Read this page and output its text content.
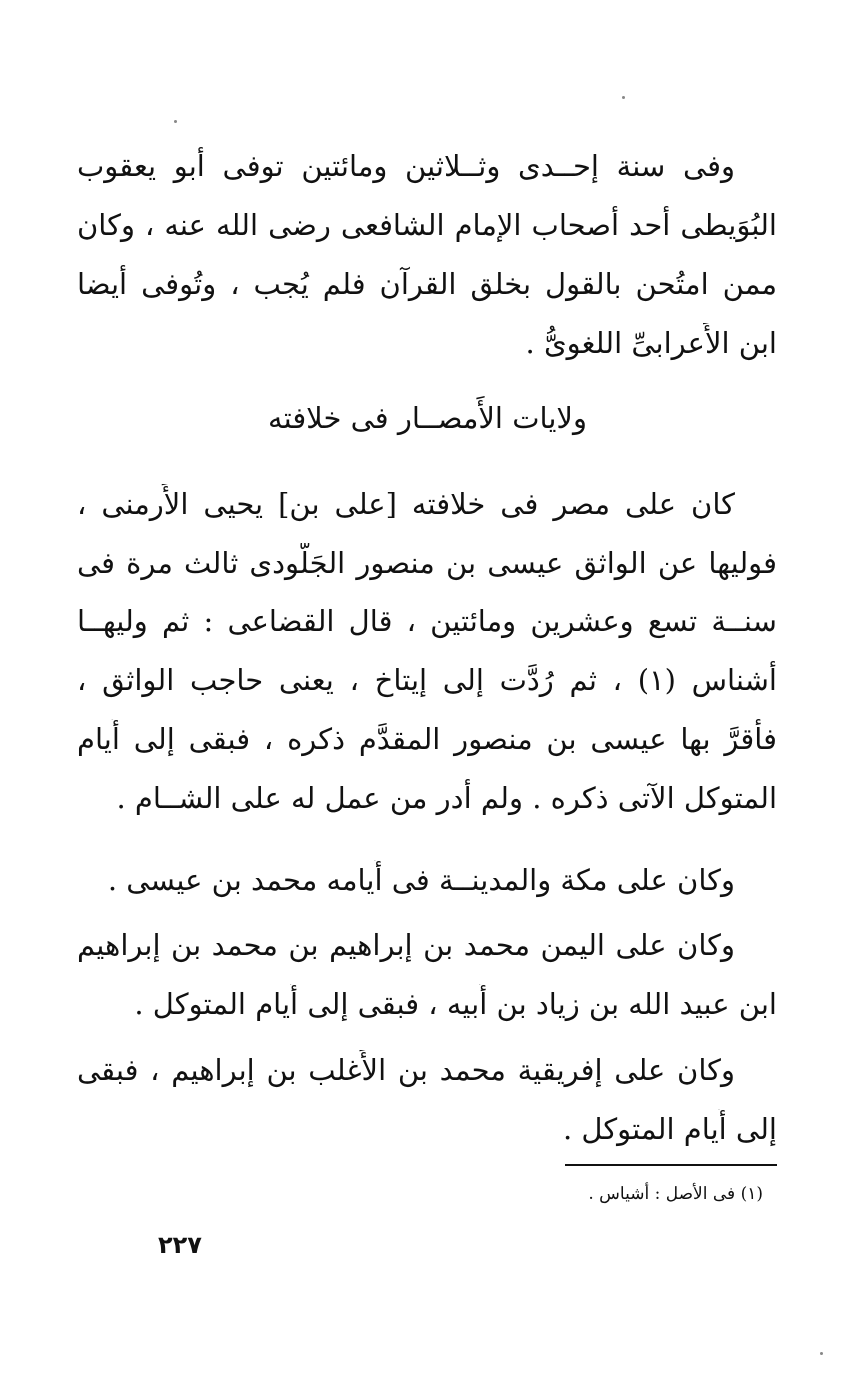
وفى سنة إحــدى وثــلاثين ومائتين توفى أبو يعقوب
البُوَيطى أحد أصحاب الإمام الشافعى رضى الله عنه ، وكان
ممن امتُحن بالقول بخلق القرآن فلم يُجب ، وتُوفى أيضا
ابن الأَعرابىِّ اللغوىُّ .
ولايات الأَمصــار فى خلافته
كان على مصر فى خلافته [على بن] يحيى الأَرمنى ،
فوليها عن الواثق عيسى بن منصور الجَلُّودى ثالث مرة فى
سنــة تسع وعشرين ومائتين ، قال القضاعى : ثم وليهــا
أشناس (١) ، ثم رُدَّت إلى إيتاخ ، يعنى حاجب الواثق ،
فأَقرَّ بها عيسى بن منصور المقدَّم ذكره ، فبقى إلى أَيام
المتوكل الآتى ذكره . ولم أدر من عمل له على الشــام .
وكان على مكة والمدينــة فى أَيامه محمد بن عيسى .
وكان على اليمن محمد بن إبراهيم بن محمد بن إبراهيم
ابن عبيد الله بن زياد بن أَبيه ، فبقى إلى أَيام المتوكل .
وكان على إفريقية محمد بن الأَغلب بن إبراهيم ، فبقى
إلى أَيام المتوكل .
(١) فى الأصل : أشياس .
٢٢٧
